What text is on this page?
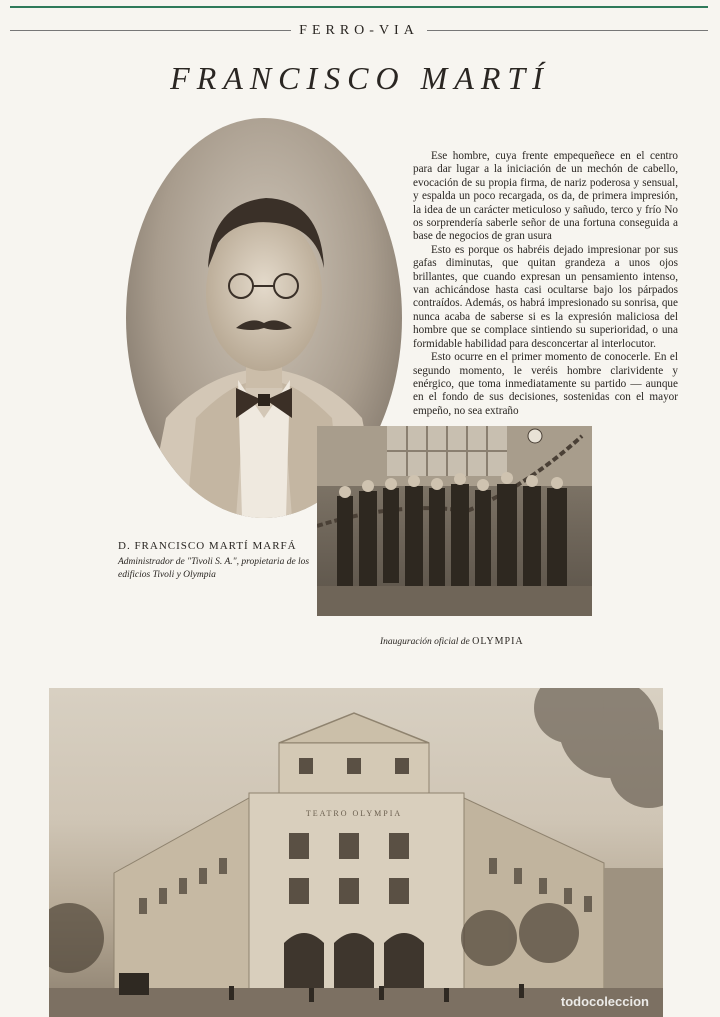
FERRO-VIA
FRANCISCO MARTÍ

Ese hombre, cuya frente empequeñece en el centro para dar lugar a la iniciación de un mechón de cabello, evocación de su propia firma, de nariz poderosa y sensual, y espalda un poco recargada, os da, de primera impresión, la idea de un carácter meticuloso y sañudo, terco y frío No os sorprendería saberle señor de una fortuna conseguida a base de negocios de gran usura

Esto es porque os habréis dejado impresionar por sus gafas diminutas, que quitan grandeza a unos ojos brillantes, que cuando expresan un pensamiento intenso, van achicándose hasta casi ocultarse bajo los párpados contraídos. Además, os habrá impresionado su sonrisa, que nunca acaba de saberse si es la expresión maliciosa del hombre que se complace sintiendo su superioridad, o una formidable habilidad para desconcertar al interlocutor.

Esto ocurre en el primer momento de conocerle. En el segundo momento, le veréis hombre clarividente y enérgico, que toma inmediatamente su partido — aunque en el fondo de sus decisiones, sostenidas con el mayor empeño, no sea extraño

D. FRANCISCO MARTÍ MARFÁ
Administrador de "Tivoli S. A.", propietaria de los edificios Tivoli y Olympia
Inauguración oficial de OLYMPIA
TEATRO OLYMPIA
todocoleccion
